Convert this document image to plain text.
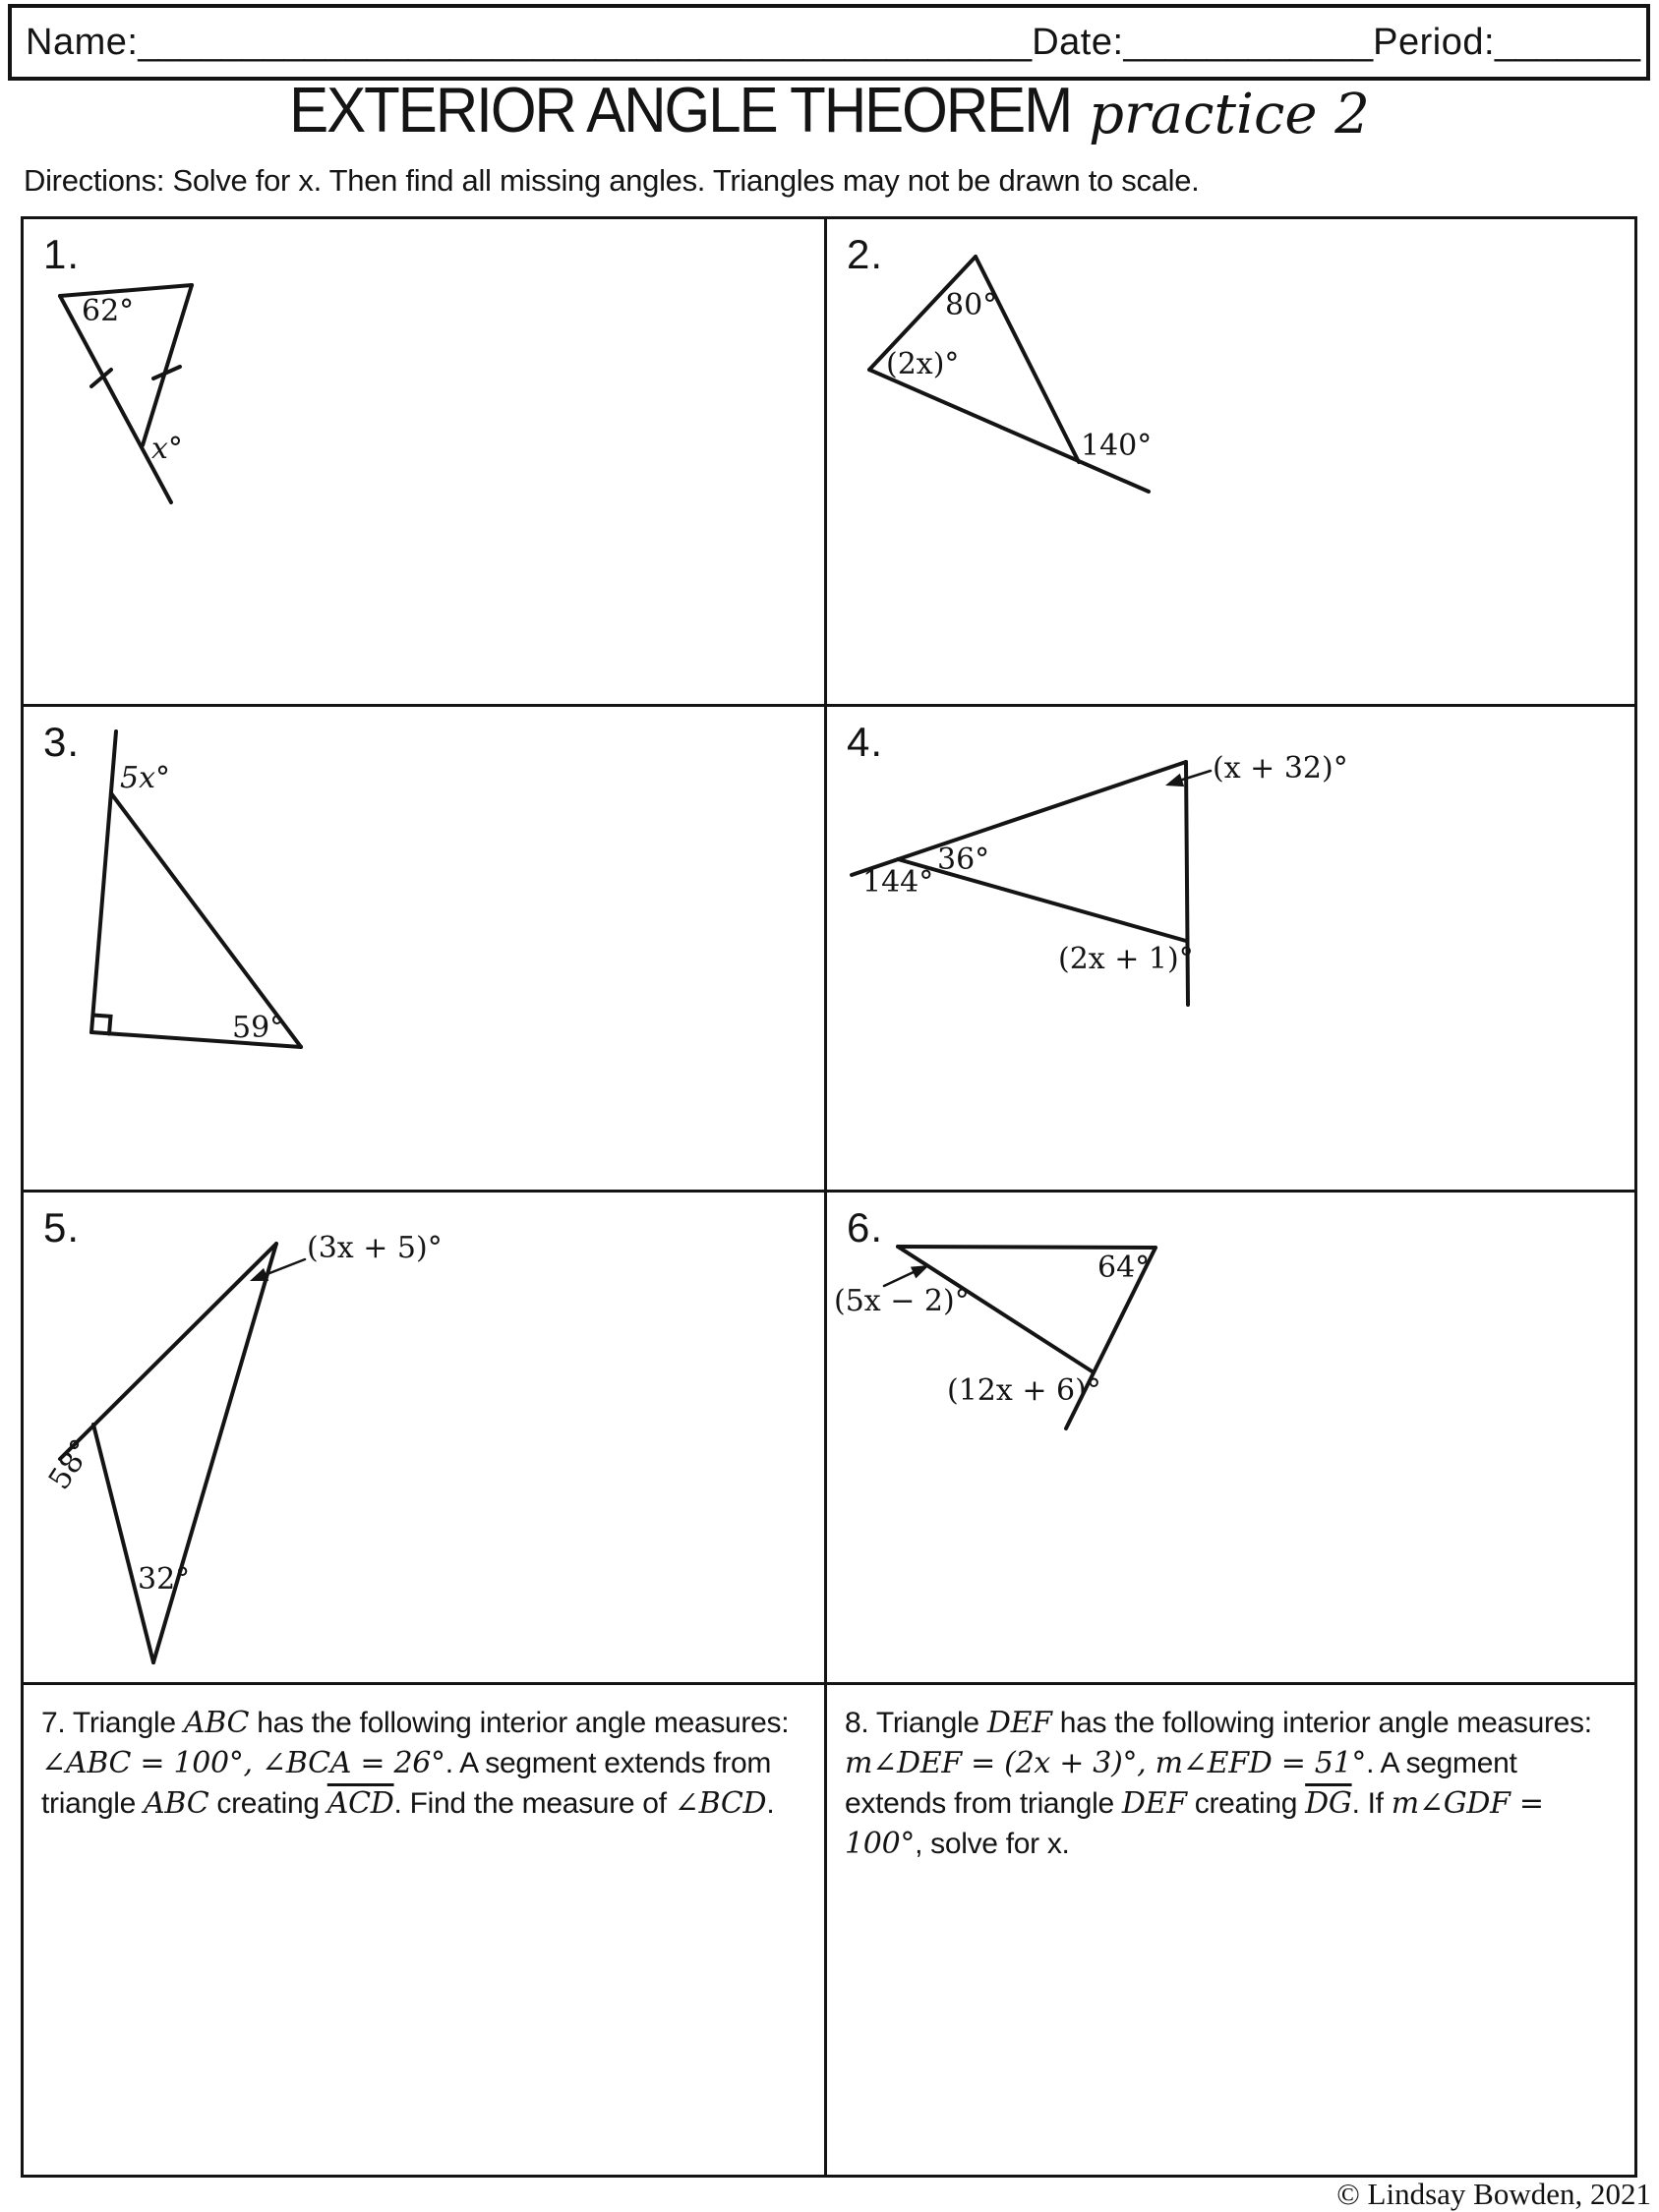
Name: ___________________________________________ Date: ____________ Period: _______
EXTERIOR ANGLE THEOREM practice 2
Directions: Solve for x. Then find all missing angles. Triangles may not be drawn to scale.
1.
62°
x°
2.
80°
(2x)°
140°
3.
5x°
59°
4.
(x + 32)°
36°
144°
(2x + 1)°
5.	(3x + 5)°
58°
32°
6.
(5x − 2)°
64°
(12x + 6)°

7. Triangle ABC has the following interior angle measures: ∠ABC = 100°, ∠BCA = 26°. A segment extends from triangle ABC creating $\overline{ACD}$. Find the measure of ∠BCD.

8. Triangle DEF has the following interior angle measures: m∠DEF = (2x + 3)°, m∠EFD = 51°. A segment extends from triangle DEF creating $\overline{DG}$. If m∠GDF = 100°, solve for x.

© Lindsay Bowden, 2021
